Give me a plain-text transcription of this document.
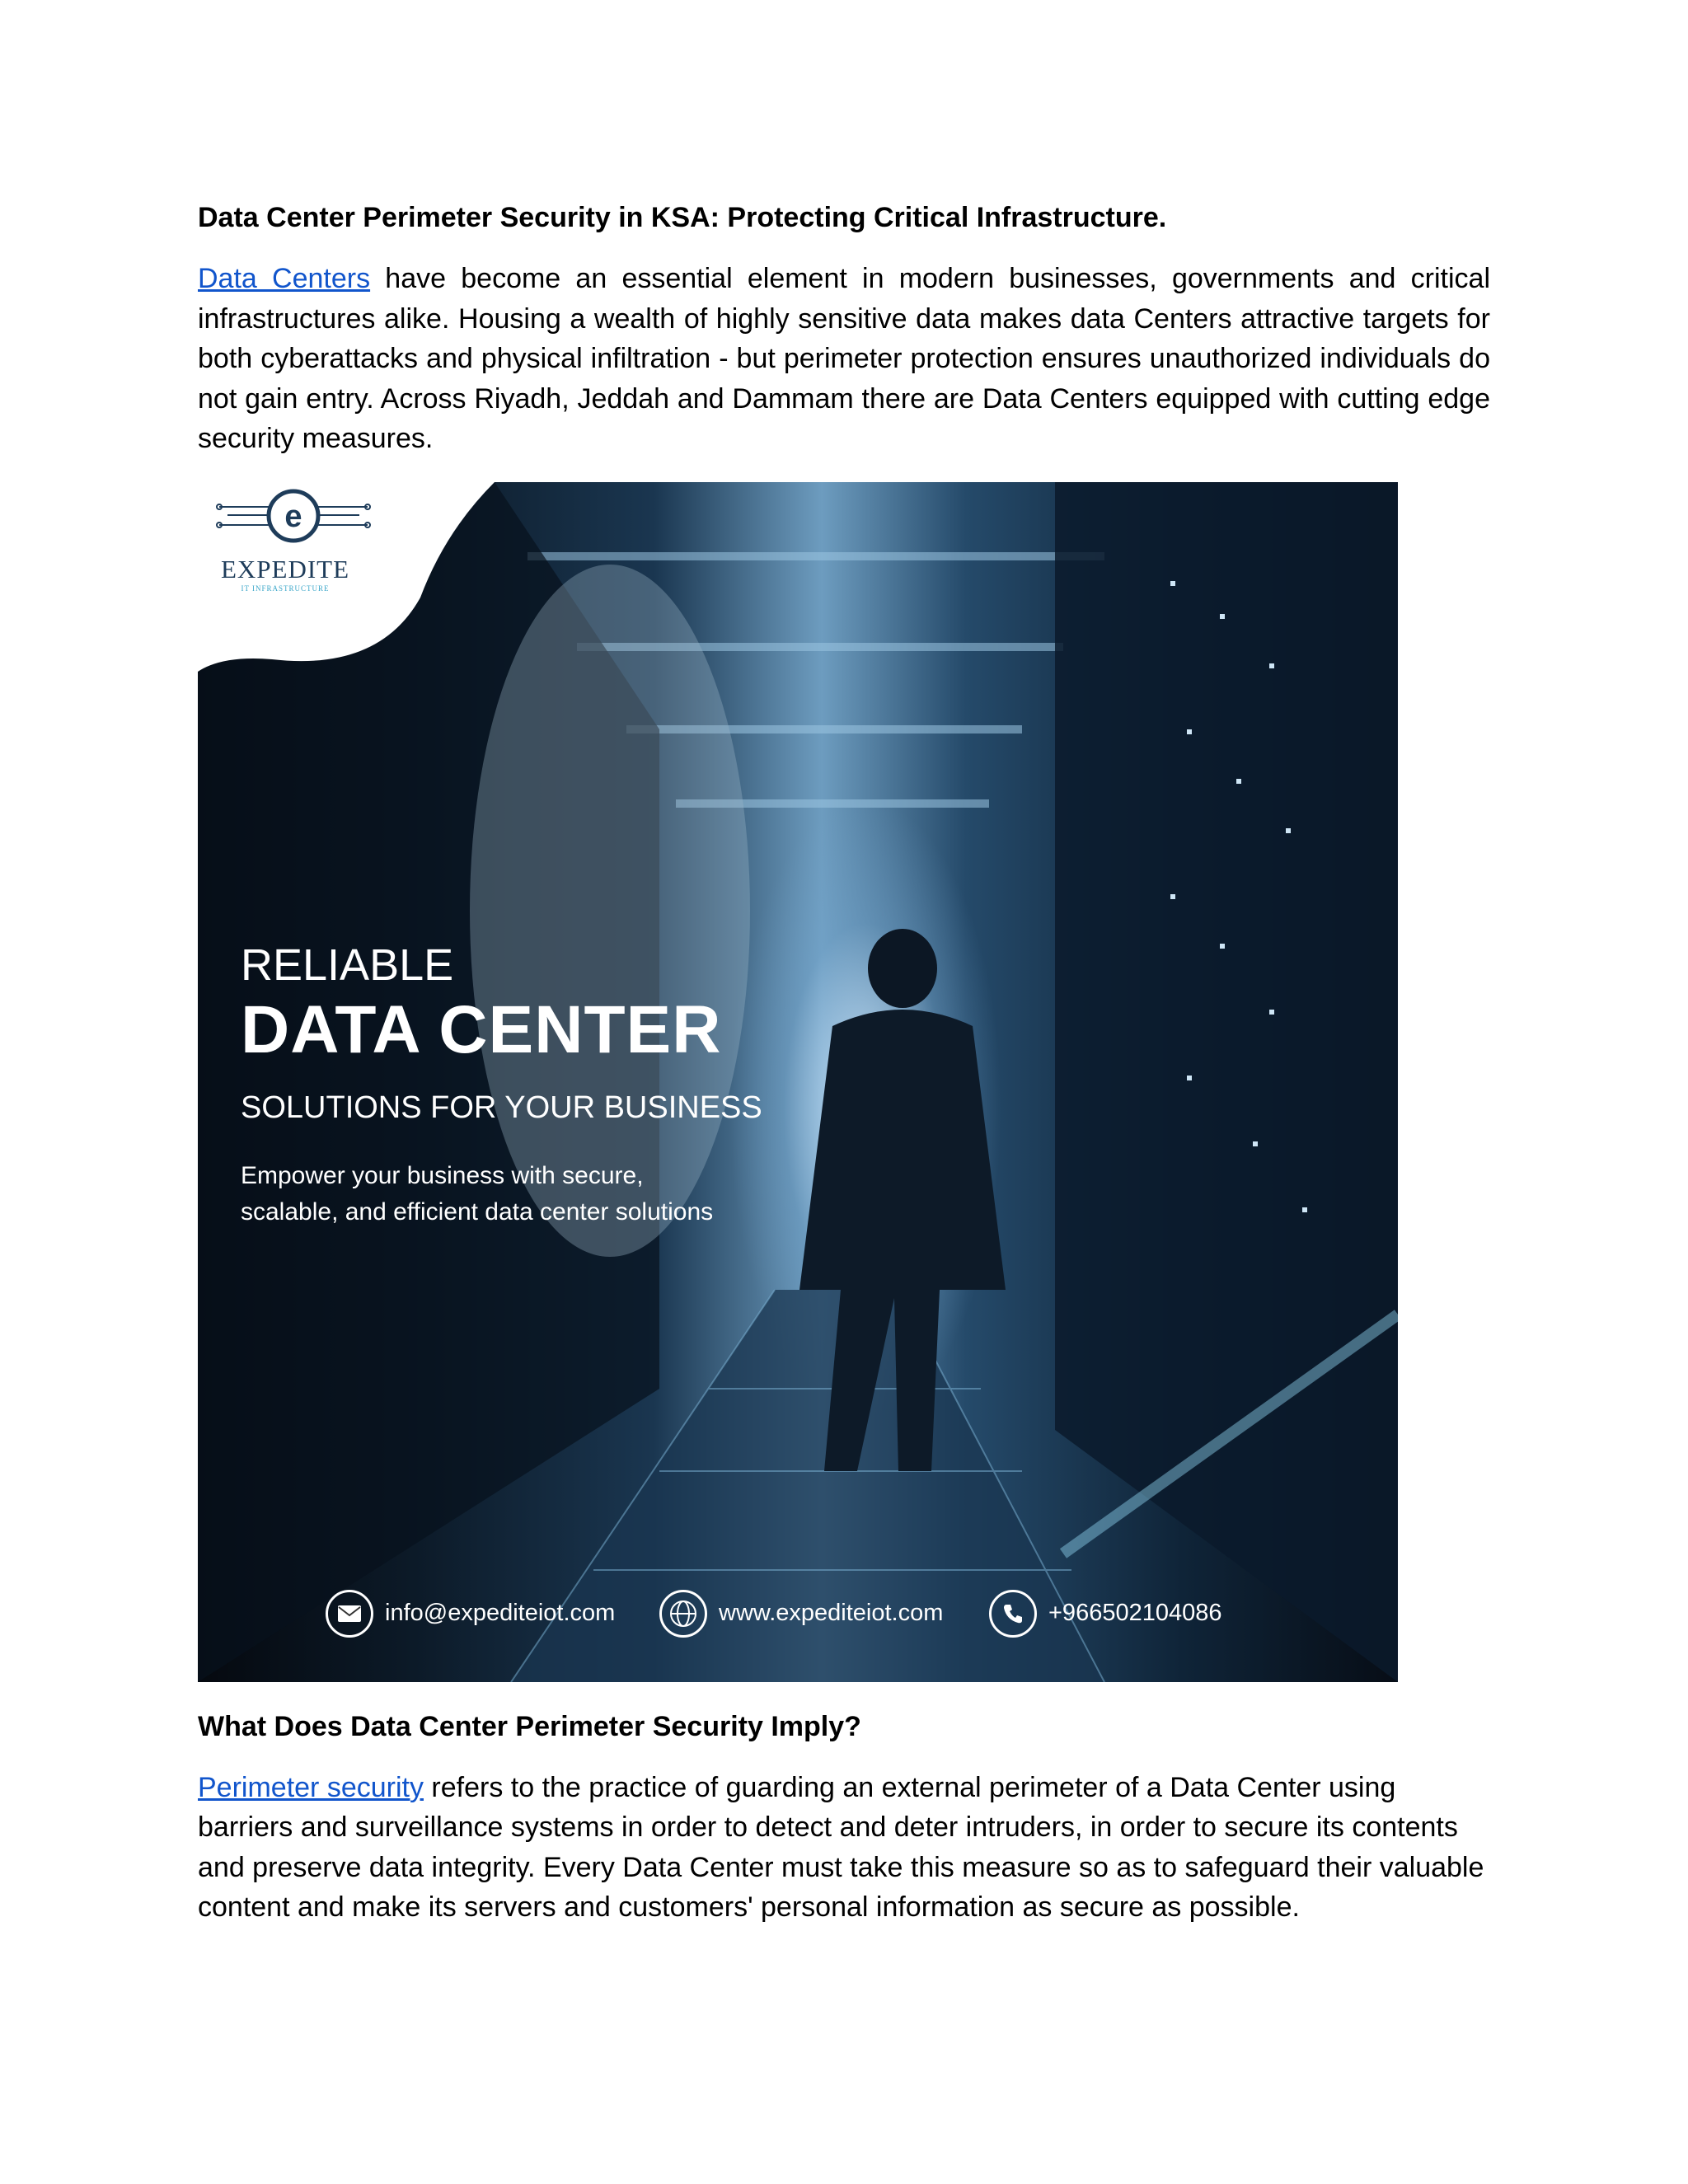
Data Center Perimeter Security in KSA: Protecting Critical Infrastructure.

Data Centers have become an essential element in modern businesses, governments and critical infrastructures alike. Housing a wealth of highly sensitive data makes data Centers attractive targets for both cyberattacks and physical infiltration - but perimeter protection ensures unauthorized individuals do not gain entry. Across Riyadh, Jeddah and Dammam there are Data Centers equipped with cutting edge security measures.

e
EXPEDITE
IT INFRASTRUCTURE
RELIABLE
DATA CENTER
SOLUTIONS FOR YOUR BUSINESS
Empower your business with secure,
scalable, and efficient data center solutions
info@expediteiot.com	www.expediteiot.com	+966502104086
What Does Data Center Perimeter Security Imply?

Perimeter security refers to the practice of guarding an external perimeter of a Data Center using barriers and surveillance systems in order to detect and deter intruders, in order to secure its contents and preserve data integrity. Every Data Center must take this measure so as to safeguard their valuable content and make its servers and customers' personal information as secure as possible.
